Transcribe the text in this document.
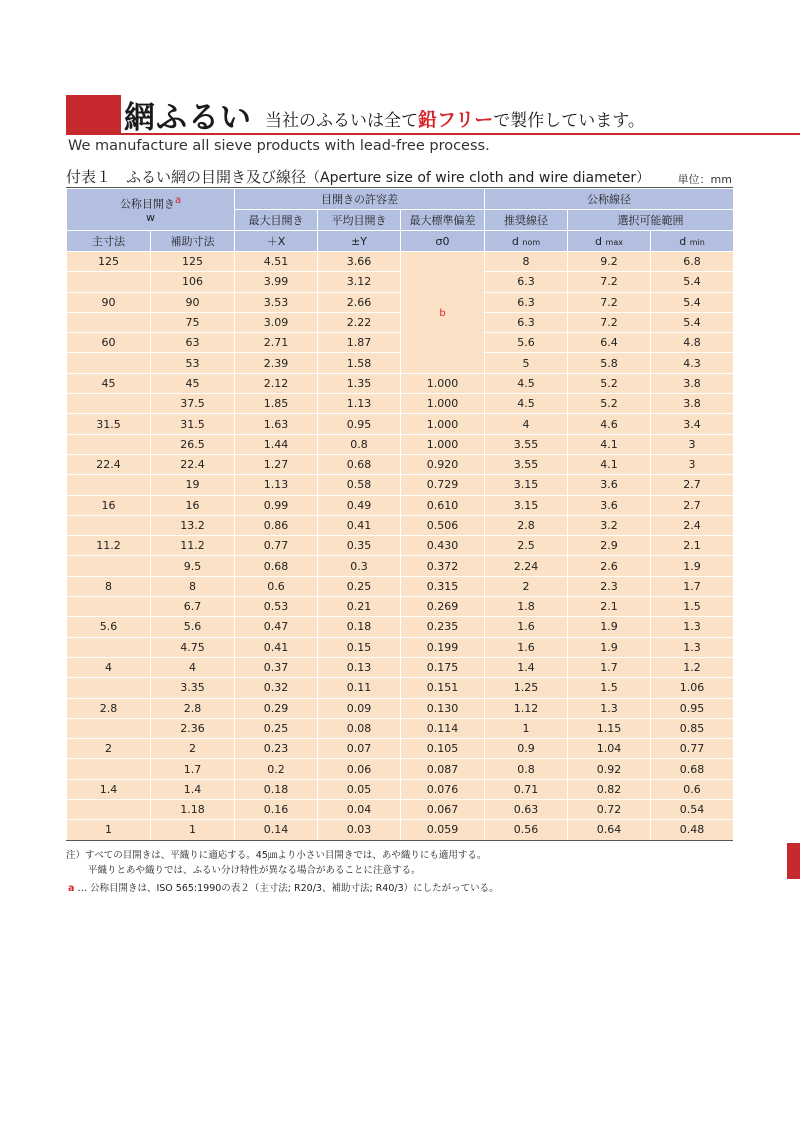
網ふるい 当社のふるいは全て鉛フリーで製作しています。
We manufacture all sieve products with lead-free process.
付表１　ふるい網の目開き及び線径（Aperture size of wire cloth and wire diameter） 単位：mm
公称目開きa
w		目開きの許容差			公称線径		
		最大目開き	平均目開き	最大標準偏差	推奨線径	選択可能範囲	
主寸法	補助寸法	＋X	±Y	σ0	d nom	d max	d min
125	125	4.51	3.66	b	8	9.2	6.8
	106	3.99	3.12		6.3	7.2	5.4
90	90	3.53	2.66		6.3	7.2	5.4
	75	3.09	2.22		6.3	7.2	5.4
60	63	2.71	1.87		5.6	6.4	4.8
	53	2.39	1.58		5	5.8	4.3
45	45	2.12	1.35	1.000	4.5	5.2	3.8
	37.5	1.85	1.13	1.000	4.5	5.2	3.8
31.5	31.5	1.63	0.95	1.000	4	4.6	3.4
	26.5	1.44	0.8	1.000	3.55	4.1	3
22.4	22.4	1.27	0.68	0.920	3.55	4.1	3
	19	1.13	0.58	0.729	3.15	3.6	2.7
16	16	0.99	0.49	0.610	3.15	3.6	2.7
	13.2	0.86	0.41	0.506	2.8	3.2	2.4
11.2	11.2	0.77	0.35	0.430	2.5	2.9	2.1
	9.5	0.68	0.3	0.372	2.24	2.6	1.9
8	8	0.6	0.25	0.315	2	2.3	1.7
	6.7	0.53	0.21	0.269	1.8	2.1	1.5
5.6	5.6	0.47	0.18	0.235	1.6	1.9	1.3
	4.75	0.41	0.15	0.199	1.6	1.9	1.3
4	4	0.37	0.13	0.175	1.4	1.7	1.2
	3.35	0.32	0.11	0.151	1.25	1.5	1.06
2.8	2.8	0.29	0.09	0.130	1.12	1.3	0.95
	2.36	0.25	0.08	0.114	1	1.15	0.85
2	2	0.23	0.07	0.105	0.9	1.04	0.77
	1.7	0.2	0.06	0.087	0.8	0.92	0.68
1.4	1.4	0.18	0.05	0.076	0.71	0.82	0.6
	1.18	0.16	0.04	0.067	0.63	0.72	0.54
1	1	0.14	0.03	0.059	0.56	0.64	0.48
注）すべての目開きは、平織りに適応する。45㎛より小さい目開きでは、あや織りにも適用する。
平織りとあや織りでは、ふるい分け特性が異なる場合があることに注意する。
a … 公称目開きは、ISO 565:1990の表２（主寸法; R20/3、補助寸法; R40/3）にしたがっている。
